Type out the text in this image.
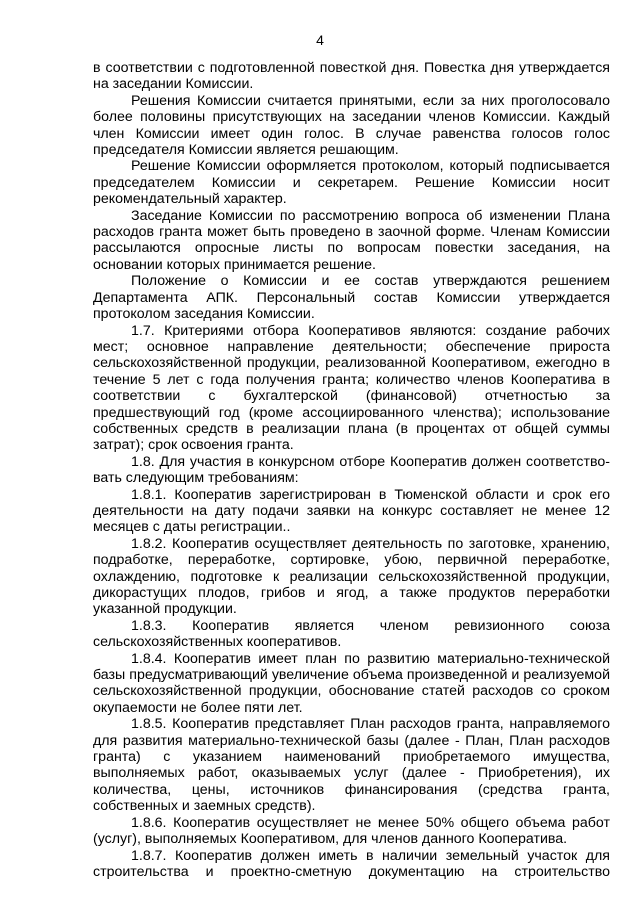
4

в соответствии с подготовленной повесткой дня. Повестка дня утверждается на заседании Комиссии.

Решения Комиссии считается принятыми, если за них проголосовало более половины присутствующих на заседании членов Комиссии. Каждый член Комиссии имеет один голос. В случае равенства голосов голос председателя Комиссии является решающим.

Решение Комиссии оформляется протоколом, который подписывается председателем Комиссии и секретарем. Решение Комиссии носит рекомендательный характер.

Заседание Комиссии по рассмотрению вопроса об изменении Плана расходов гранта может быть проведено в заочной форме. Членам Комиссии рассылаются опросные листы по вопросам повестки заседания, на основании которых принимается решение.

Положение о Комиссии и ее состав утверждаются решением Департамента АПК. Персональный состав Комиссии утверждается протоколом заседания Комиссии.

1.7. Критериями отбора Кооперативов являются: создание рабочих мест; основное направление деятельности; обеспечение прироста сельскохозяйственной продукции, реализованной Кооперативом, ежегодно в течение 5 лет с года получения гранта; количество членов Кооператива в соответствии с бухгалтерской (финансовой) отчетностью за предшествующий год (кроме ассоциированного членства); использование собственных средств в реализации плана (в процентах от общей суммы затрат); срок освоения гранта.

1.8. Для участия в конкурсном отборе Кооператив должен соответство-вать следующим требованиям:

1.8.1. Кооператив зарегистрирован в Тюменской области и срок его деятельности на дату подачи заявки на конкурс составляет не менее 12 месяцев с даты регистрации..

1.8.2. Кооператив осуществляет деятельность по заготовке, хранению, подработке, переработке, сортировке, убою, первичной переработке, охлаждению, подготовке к реализации сельскохозяйственной продукции, дикорастущих плодов, грибов и ягод, а также продуктов переработки указанной продукции.

1.8.3. Кооператив является членом ревизионного союза сельскохозяйственных кооперативов.

1.8.4. Кооператив имеет план по развитию материально-технической базы предусматривающий увеличение объема произведенной и реализуемой сельскохозяйственной продукции, обоснование статей расходов со сроком окупаемости не более пяти лет.

1.8.5. Кооператив представляет План расходов гранта, направляемого для развития материально-технической базы (далее - План, План расходов гранта) с указанием наименований приобретаемого имущества, выполняемых работ, оказываемых услуг (далее - Приобретения), их количества, цены, источников финансирования (средства гранта, собственных и заемных средств).

1.8.6. Кооператив осуществляет не менее 50% общего объема работ (услуг), выполняемых Кооперативом, для членов данного Кооператива.

1.8.7. Кооператив должен иметь в наличии земельный участок для строительства и проектно-сметную документацию на строительство
